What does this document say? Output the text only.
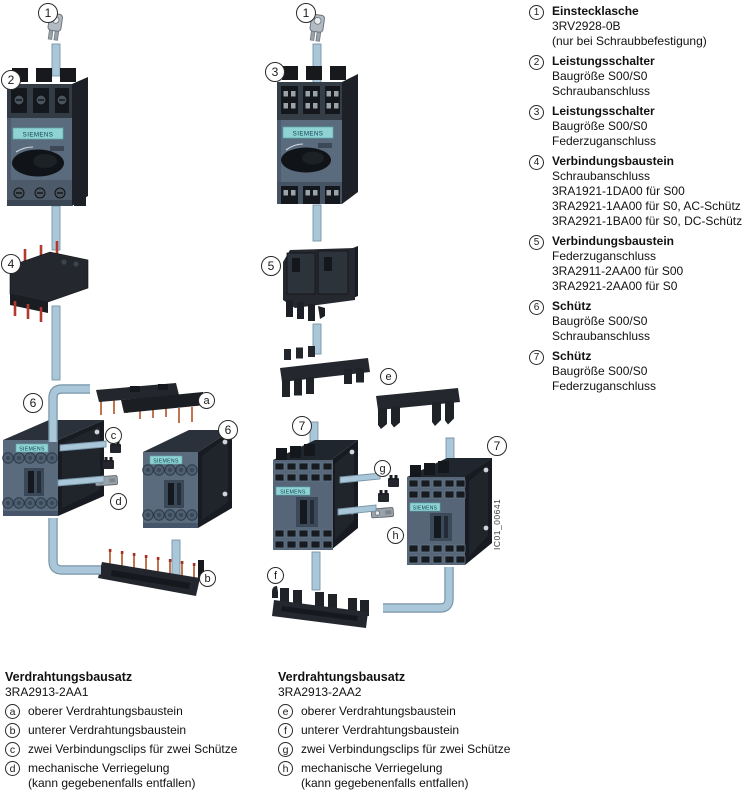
SIEMENS
SIEMENS
SIEMENS
SIEMENS
SIEMENS
SIEMENS
1
2
4
6
6
1
3
5
7
7
a
b
c
d
e
f
g
h
1	Einstecklasche
3RV2928-0B
(nur bei Schraubbefestigung)
2	Leistungsschalter
Baugröße S00/S0
Schraubanschluss
3	Leistungsschalter
Baugröße S00/S0
Federzuganschluss
4	Verbindungsbaustein
Schraubanschluss
3RA1921-1DA00 für S00
3RA2921-1AA00 für S0, AC-Schütz
3RA2921-1BA00 für S0, DC-Schütz
5	Verbindungsbaustein
Federzuganschluss
3RA2911-2AA00 für S00
3RA2921-2AA00 für S0
6	Schütz
Baugröße S00/S0
Schraubanschluss
7	Schütz
Baugröße S00/S0
Federzuganschluss
Verdrahtungsbausatz
3RA2913-2AA1
a	oberer Verdrahtungsbaustein
b	unterer Verdrahtungsbaustein
c	zwei Verbindungsclips für zwei Schütze
d	mechanische Verriegelung
(kann gegebenenfalls entfallen)
Verdrahtungsbausatz
3RA2913-2AA2
e	oberer Verdrahtungsbaustein
f	unterer Verdrahtungsbaustein
g	zwei Verbindungsclips für zwei Schütze
h	mechanische Verriegelung
(kann gegebenenfalls entfallen)
IC01_00641
